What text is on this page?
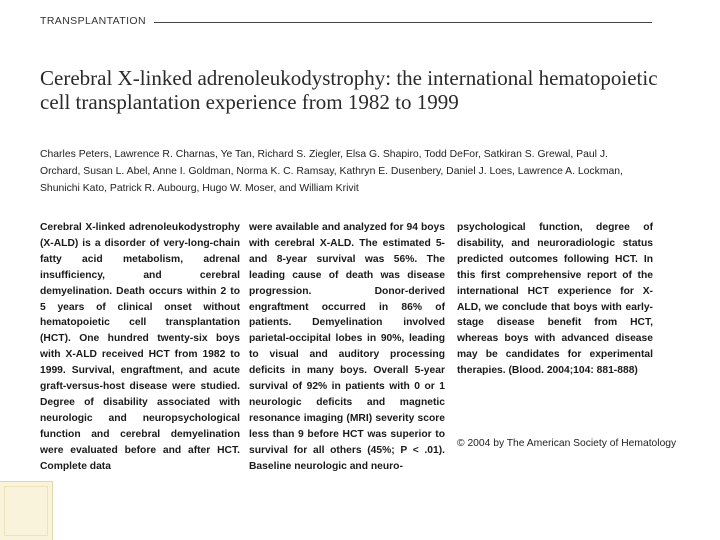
TRANSPLANTATION
Cerebral X-linked adrenoleukodystrophy: the international hematopoietic cell transplantation experience from 1982 to 1999

Charles Peters, Lawrence R. Charnas, Ye Tan, Richard S. Ziegler, Elsa G. Shapiro, Todd DeFor, Satkiran S. Grewal, Paul J. Orchard, Susan L. Abel, Anne I. Goldman, Norma K. C. Ramsay, Kathryn E. Dusenbery, Daniel J. Loes, Lawrence A. Lockman, Shunichi Kato, Patrick R. Aubourg, Hugo W. Moser, and William Krivit

Cerebral X-linked adrenoleukodystrophy (X-ALD) is a disorder of very-long-chain fatty acid metabolism, adrenal insufficiency, and cerebral demyelination. Death occurs within 2 to 5 years of clinical onset without hematopoietic cell transplantation (HCT). One hundred twenty-six boys with X-ALD received HCT from 1982 to 1999. Survival, engraftment, and acute graft-versus-host disease were studied. Degree of disability associated with neurologic and neuropsychological function and cerebral demyelination were evaluated before and after HCT. Complete data
were available and analyzed for 94 boys with cerebral X-ALD. The estimated 5- and 8-year survival was 56%. The leading cause of death was disease progression. Donor-derived engraftment occurred in 86% of patients. Demyelination involved parietal-occipital lobes in 90%, leading to visual and auditory processing deficits in many boys. Overall 5-year survival of 92% in patients with 0 or 1 neurologic deficits and magnetic resonance imaging (MRI) severity score less than 9 before HCT was superior to survival for all others (45%; P < .01). Baseline neurologic and neuro-
psychological function, degree of disability, and neuroradiologic status predicted outcomes following HCT. In this first comprehensive report of the international HCT experience for X-ALD, we conclude that boys with early-stage disease benefit from HCT, whereas boys with advanced disease may be candidates for experimental therapies. (Blood. 2004;104: 881-888)
© 2004 by The American Society of Hematology
